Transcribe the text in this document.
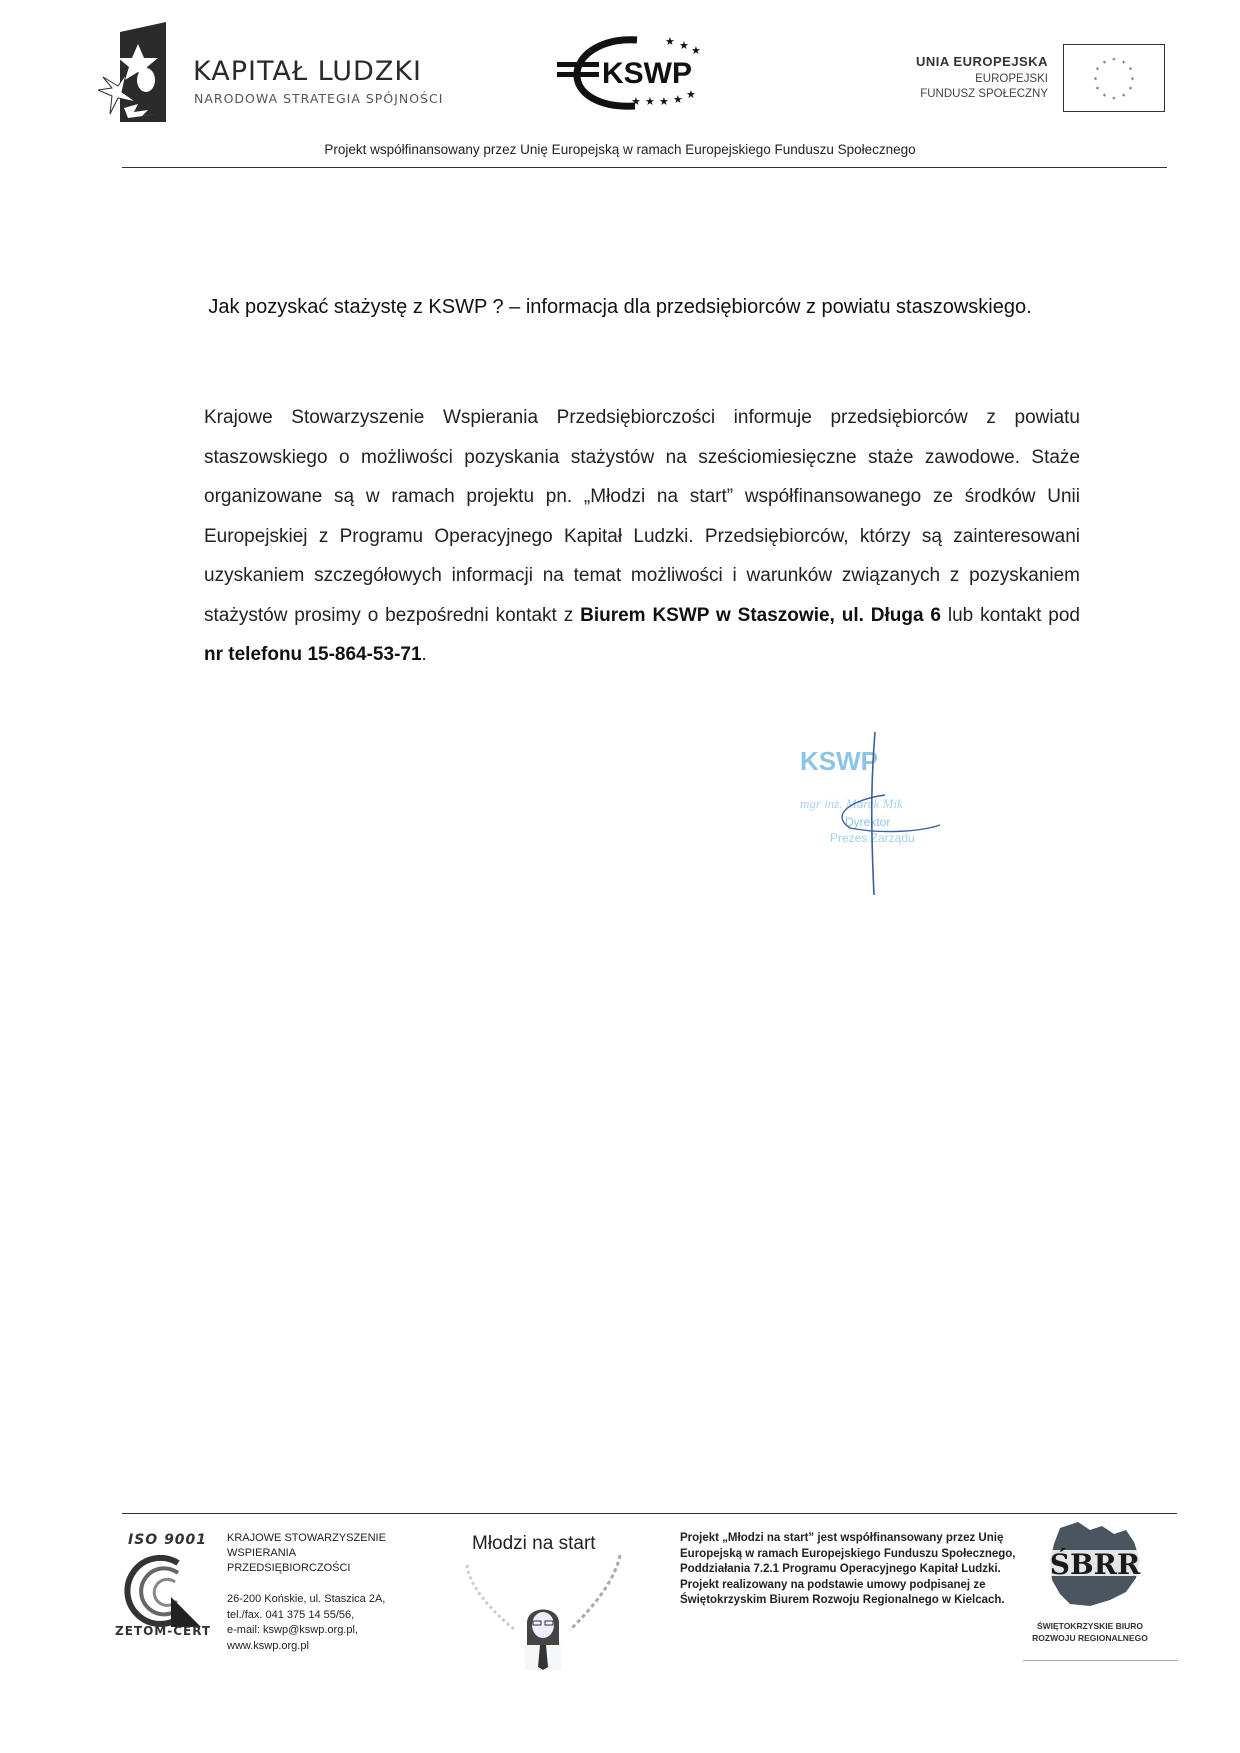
KAPITAŁ LUDZKI
NARODOWA STRATEGIA SPÓJNOŚCI
KSWP
★ ★ ★
★ ★ ★ ★ ★
UNIA EUROPEJSKA
EUROPEJSKI
FUNDUSZ SPOŁECZNY
* *
*
*
*
*
*
*
*
*
*
*
Projekt współfinansowany przez Unię Europejską w ramach Europejskiego Funduszu Społecznego
Jak pozyskać stażystę z KSWP ? – informacja dla przedsiębiorców z powiatu staszowskiego.
Krajowe Stowarzyszenie Wspierania Przedsiębiorczości informuje przedsiębiorców z powiatu staszowskiego o możliwości pozyskania stażystów na sześciomiesięczne staże zawodowe. Staże organizowane są w ramach projektu pn. „Młodzi na start” współfinansowanego ze środków Unii Europejskiej z Programu Operacyjnego Kapitał Ludzki. Przedsiębiorców, którzy są zainteresowani uzyskaniem szczegółowych informacji na temat możliwości i warunków związanych z pozyskaniem stażystów prosimy o bezpośredni kontakt z Biurem KSWP w Staszowie, ul. Długa 6 lub kontakt pod nr telefonu 15-864-53-71.
KSWP
mgr inż. Marek Mik
Dyrektor
Prezes Zarządu
ISO 9001
ZETOM-CERT
KRAJOWE STOWARZYSZENIE
WSPIERANIA
PRZEDSIĘBIORCZOŚCI
26-200 Końskie, ul. Staszica 2A,
tel./fax. 041 375 14 55/56,
e-mail: kswp@kswp.org.pl,
www.kswp.org.pl
Młodzi na start	Projekt „Młodzi na start” jest współfinansowany przez Unię Europejską w ramach Europejskiego Funduszu Społecznego, Poddziałania 7.2.1 Programu Operacyjnego Kapitał Ludzki. Projekt realizowany na podstawie umowy podpisanej ze Świętokrzyskim Biurem Rozwoju Regionalnego w Kielcach.
ŚBRR
ŚWIĘTOKRZYSKIE BIURO
ROZWOJU REGIONALNEGO
